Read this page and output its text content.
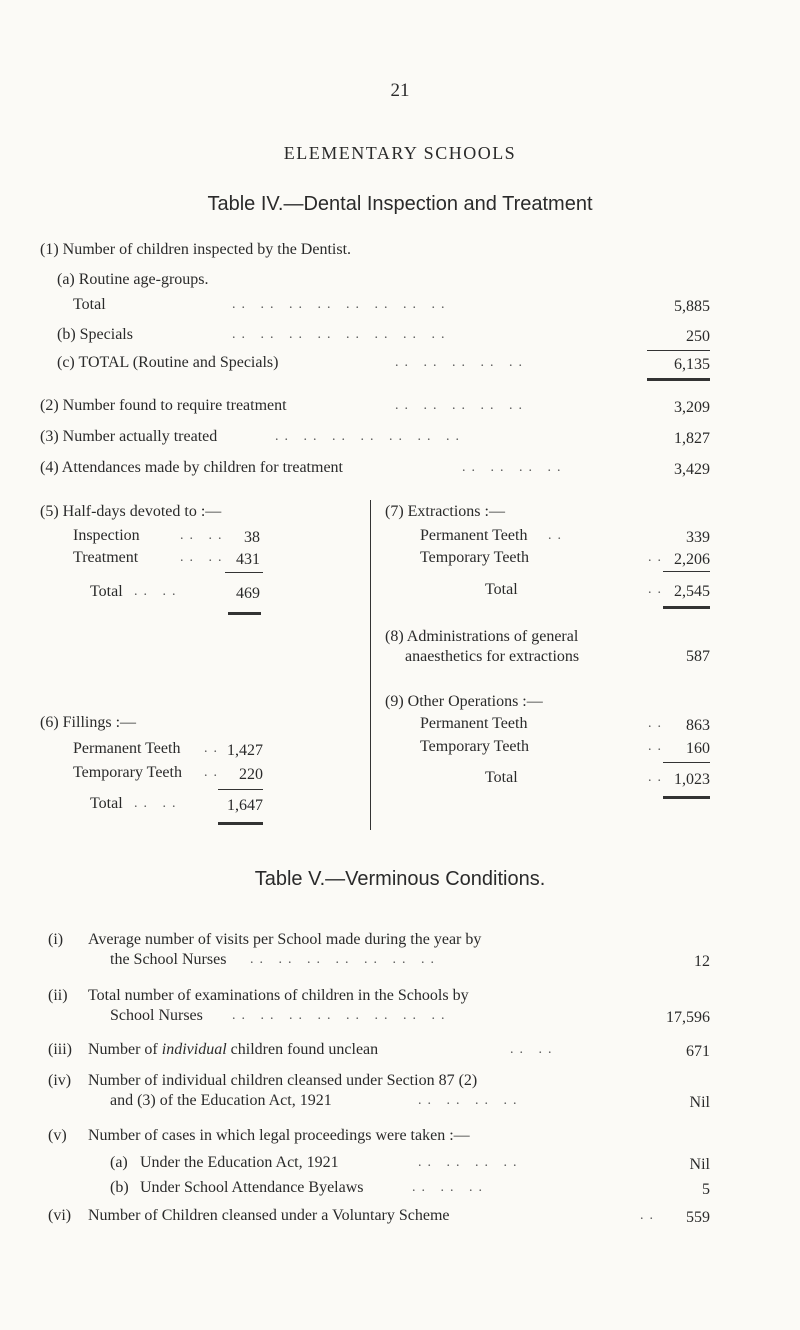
21
ELEMENTARY SCHOOLS
Table IV.—Dental Inspection and Treatment
(1) Number of children inspected by the Dentist.
(a) Routine age-groups.
Total	.. .. .. .. .. .. .. ..	5,885
(b) Specials	.. .. .. .. .. .. .. ..	250
(c) TOTAL (Routine and Specials)	.. .. .. .. ..	6,135
(2) Number found to require treatment	.. .. .. .. ..	3,209
(3) Number actually treated	.. .. .. .. .. .. ..	1,827
(4) Attendances made by children for treatment	.. .. .. ..	3,429
(5) Half-days devoted to :—
Inspection	.. ..	38
Treatment	.. .. 431
Total .. ..	469
(6) Fillings :—
Permanent Teeth .. 1,427
Temporary Teeth ..	220
Total .. ..	1,647
(7) Extractions :—
Permanent Teeth ..	339
Temporary Teeth	.. 2,206
Total	.. 2,545
(8) Administrations of general
anaesthetics for extractions	587
(9) Other Operations :—
Permanent Teeth	..	863
Temporary Teeth	..	160
Total	.. 1,023
Table V.—Verminous Conditions.
(i) Average number of visits per School made during the year by
the School Nurses .. .. .. .. .. .. ..	12
(ii) Total number of examinations of children in the Schools by
School Nurses .. .. .. .. .. .. .. ..	17,596
(iii) Number of individual children found unclean	.. ..	671
(iv) Number of individual children cleansed under Section 87 (2)
and (3) of the Education Act, 1921	.. .. .. ..	Nil
(v) Number of cases in which legal proceedings were taken :—
(a) Under the Education Act, 1921	.. .. .. ..	Nil
(b) Under School Attendance Byelaws	.. .. ..	5
(vi) Number of Children cleansed under a Voluntary Scheme	..	559
